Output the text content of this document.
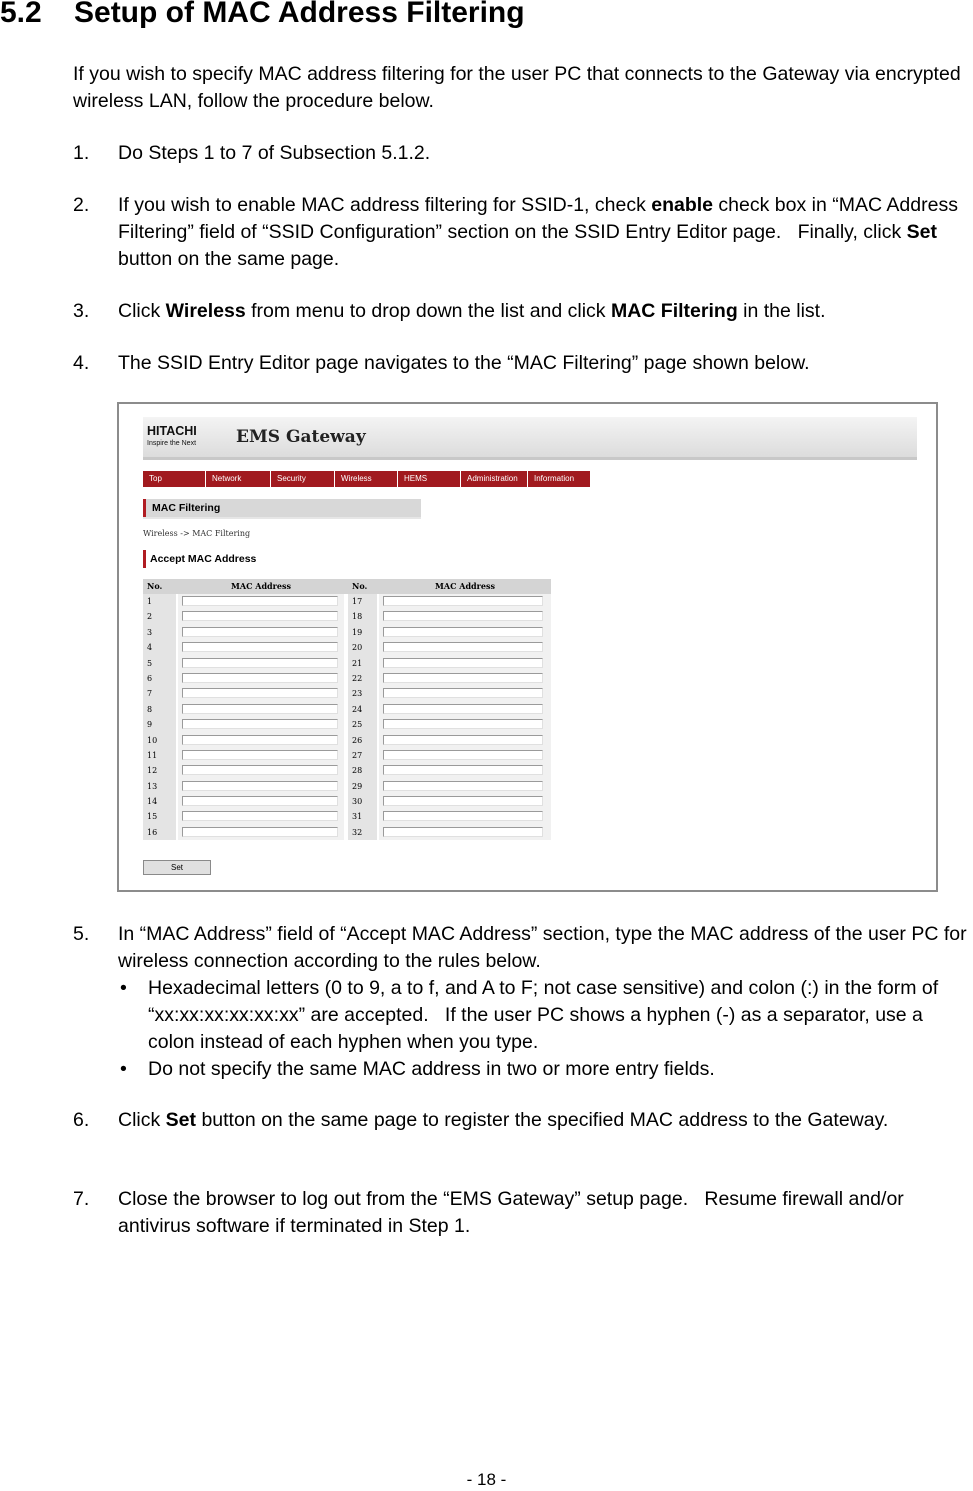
5.2 Setup of MAC Address Filtering
If you wish to specify MAC address filtering for the user PC that connects to the Gateway via encrypted wireless LAN, follow the procedure below.
1.	Do Steps 1 to 7 of Subsection 5.1.2.
2.	If you wish to enable MAC address filtering for SSID-1, check enable check box in “MAC Address Filtering” field of “SSID Configuration” section on the SSID Entry Editor page.   Finally, click Set button on the same page.
3.	Click Wireless from menu to drop down the list and click MAC Filtering in the list.
4.	The SSID Entry Editor page navigates to the “MAC Filtering” page shown below.
HITACHI
Inspire the Next EMS Gateway
Top	Network	Security	Wireless	HEMS	Administration	Information
MAC Filtering
Wireless -> MAC Filtering
Accept MAC Address
No.	MAC Address	No.	MAC Address
1	17
2	18
3	19
4	20
5	21
6	22
7	23
8	24
9	25
10	26
11	27
12	28
13	29
14	30
15	31
16	32
Set
5.	In “MAC Address” field of “Accept MAC Address” section, type the MAC address of the user PC for wireless connection according to the rules below.
• Hexadecimal letters (0 to 9, a to f, and A to F; not case sensitive) and colon (:) in the form of “xx:xx:xx:xx:xx:xx” are accepted.   If the user PC shows a hyphen (-) as a separator, use a colon instead of each hyphen when you type.
• Do not specify the same MAC address in two or more entry fields.
6.	Click Set button on the same page to register the specified MAC address to the Gateway.
7.	Close the browser to log out from the “EMS Gateway” setup page.   Resume firewall and/or antivirus software if terminated in Step 1.
- 18 -
